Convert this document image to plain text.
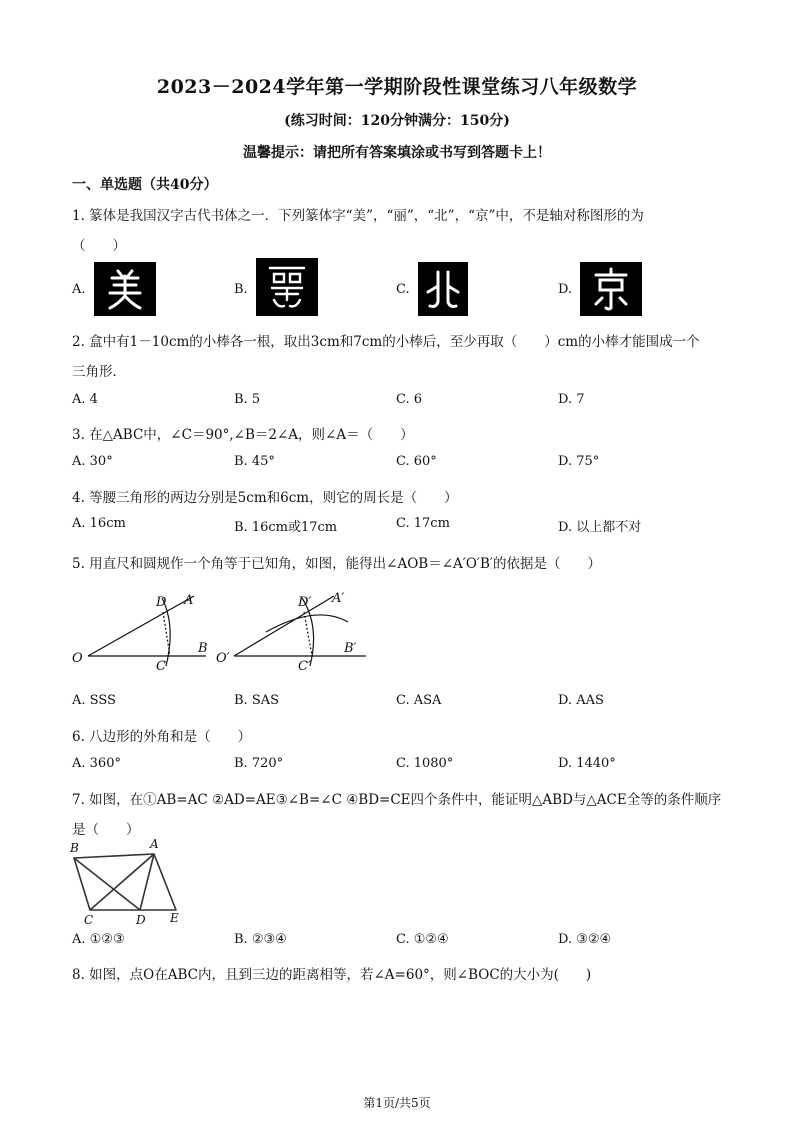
2023－2024学年第一学期阶段性课堂练习八年级数学
(练习时间：120分钟满分：150分)
温馨提示：请把所有答案填涂或书写到答题卡上！
一、单选题（共40分）
1. 篆体是我国汉字古代书体之一．下列篆体字“美”，“丽”，“北”，“京”中，不是轴对称图形的为
（　　）
A.	B.	C.	D.
2. 盒中有1－10cm的小棒各一根，取出3cm和7cm的小棒后，至少再取（　　）cm的小棒才能围成一个
三角形．
A. 4	B. 5	C. 6	D. 7
3. 在△ABC中，∠C＝90°,∠B＝2∠A，则∠A＝（　　）
A. 30°	B. 45°	C. 60°	D. 75°
4. 等腰三角形的两边分别是5cm和6cm，则它的周长是（　　）
A. 16cm	B. 16cm或17cm	C. 17cm	D. 以上都不对
5. 用直尺和圆规作一个角等于已知角，如图，能得出∠AOB＝∠A′O′B′的依据是（　　）
D A
O
C
B
D′ A′
O′
C′
B′
A. SSS	B. SAS	C. ASA	D. AAS
6. 八边形的外角和是（　　）
A. 360°	B. 720°	C. 1080°	D. 1440°
7. 如图，在①AB=AC ②AD=AE③∠B=∠C ④BD=CE四个条件中，能证明△ABD与△ACE全等的条件顺序
是（　　）
B	A
C	D E
A. ①②③	B. ②③④	C. ①②④	D. ③②④
8. 如图，点O在ABC内，且到三边的距离相等，若∠A=60°，则∠BOC的大小为(　　)
第1页/共5页
